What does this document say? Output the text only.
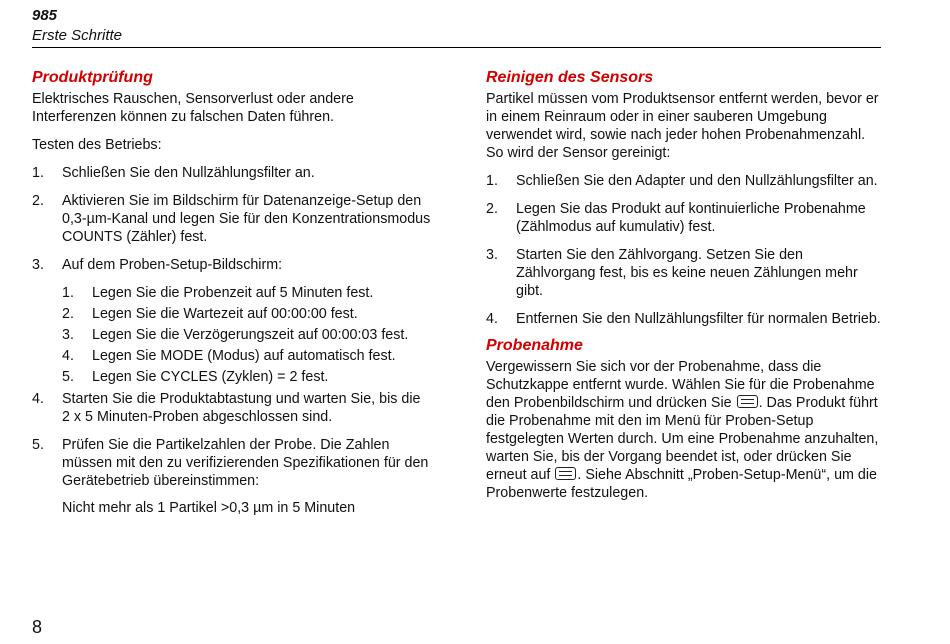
985
Erste Schritte
Produktprüfung

Elektrisches Rauschen, Sensorverlust oder andere Interferenzen können zu falschen Daten führen.

Testen des Betriebs:

1. Schließen Sie den Nullzählungsfilter an.
2. Aktivieren Sie im Bildschirm für Datenanzeige-Setup den 0,3-µm-Kanal und legen Sie für den Konzentrationsmodus COUNTS (Zähler) fest.
3. Auf dem Proben-Setup-Bildschirm:
1. Legen Sie die Probenzeit auf 5 Minuten fest.
2. Legen Sie die Wartezeit auf 00:00:00 fest.
3. Legen Sie die Verzögerungszeit auf 00:00:03 fest.
4. Legen Sie MODE (Modus) auf automatisch fest.
5. Legen Sie CYCLES (Zyklen) = 2 fest.
4. Starten Sie die Produktabtastung und warten Sie, bis die 2 x 5 Minuten-Proben abgeschlossen sind.
5. Prüfen Sie die Partikelzahlen der Probe. Die Zahlen müssen mit den zu verifizierenden Spezifikationen für den Gerätebetrieb übereinstimmen:

Nicht mehr als 1 Partikel >0,3 µm in 5 Minuten

Reinigen des Sensors

Partikel müssen vom Produktsensor entfernt werden, bevor er in einem Reinraum oder in einer sauberen Umgebung verwendet wird, sowie nach jeder hohen Probenahmenzahl. So wird der Sensor gereinigt:

1. Schließen Sie den Adapter und den Nullzählungsfilter an.
2. Legen Sie das Produkt auf kontinuierliche Probenahme (Zählmodus auf kumulativ) fest.
3. Starten Sie den Zählvorgang. Setzen Sie den Zählvorgang fest, bis es keine neuen Zählungen mehr gibt.
4. Entfernen Sie den Nullzählungsfilter für normalen Betrieb.
Probenahme

Vergewissern Sie sich vor der Probenahme, dass die Schutzkappe entfernt wurde. Wählen Sie für die Probenahme den Probenbildschirm und drücken Sie . Das Produkt führt die Probenahme mit den im Menü für Proben-Setup festgelegten Werten durch. Um eine Probenahme anzuhalten, warten Sie, bis der Vorgang beendet ist, oder drücken Sie erneut auf . Siehe Abschnitt „Proben-Setup-Menü“, um die Probenwerte festzulegen.

8
